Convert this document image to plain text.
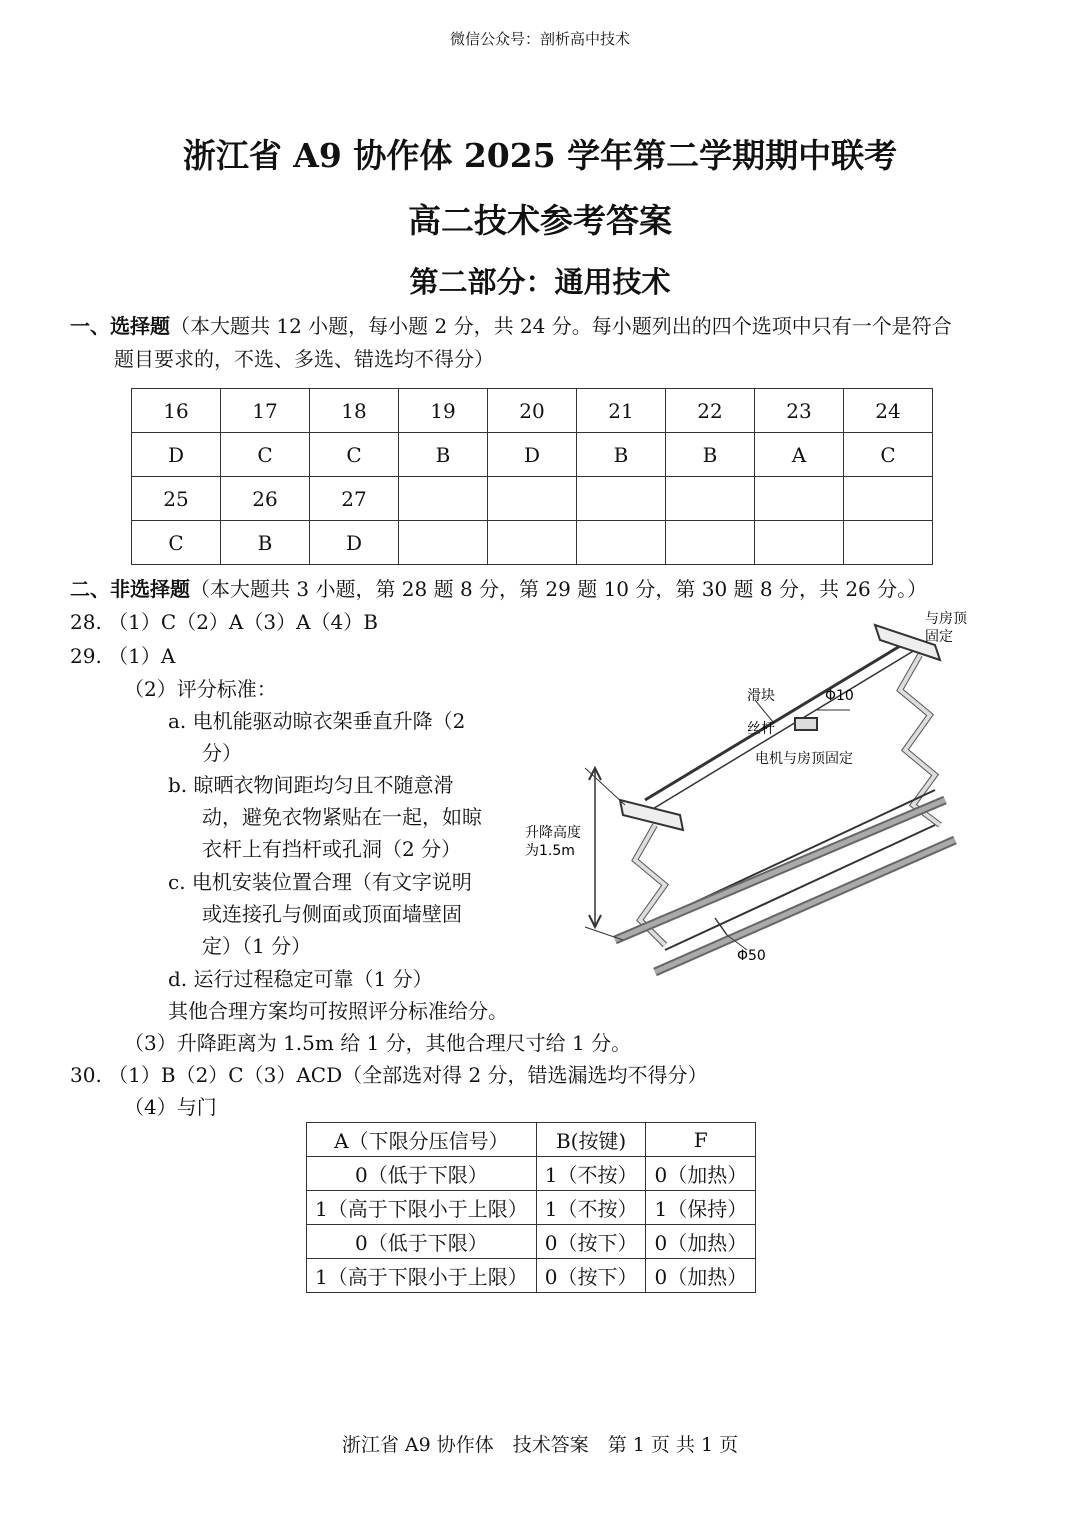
微信公众号：剖析高中技术
浙江省 A9 协作体 2025 学年第二学期期中联考
高二技术参考答案
第二部分：通用技术
一、选择题（本大题共 12 小题，每小题 2 分，共 24 分。每小题列出的四个选项中只有一个是符合
题目要求的，不选、多选、错选均不得分）
16	17	18	19	20	21	22	23	24
D	C	C	B	D	B	B	A	C
25	26	27						
C	B	D						
二、非选择题（本大题共 3 小题，第 28 题 8 分，第 29 题 10 分，第 30 题 8 分，共 26 分。）
28. （1）C（2）A（3）A（4）B
29. （1）A
（2）评分标准：
a. 电机能驱动晾衣架垂直升降（2
分）
b. 晾晒衣物间距均匀且不随意滑
动，避免衣物紧贴在一起，如晾
衣杆上有挡杆或孔洞（2 分）
c. 电机安装位置合理（有文字说明
或连接孔与侧面或顶面墙壁固
定）（1 分）
d. 运行过程稳定可靠（1 分）
其他合理方案均可按照评分标准给分。
（3）升降距离为 1.5m 给 1 分，其他合理尺寸给 1 分。
与房顶
固定
滑块	Φ10
丝杆
电机与房顶固定
升降高度
为1.5m
Φ50
30. （1）B（2）C（3）ACD（全部选对得 2 分，错选漏选均不得分）
（4）与门
A（下限分压信号）	B(按键)	F
0（低于下限）	1（不按）	0（加热）
1（高于下限小于上限）	1（不按）	1（保持）
0（低于下限）	0（按下）	0（加热）
1（高于下限小于上限）	0（按下）	0（加热）
浙江省 A9 协作体　技术答案　第 1 页 共 1 页
